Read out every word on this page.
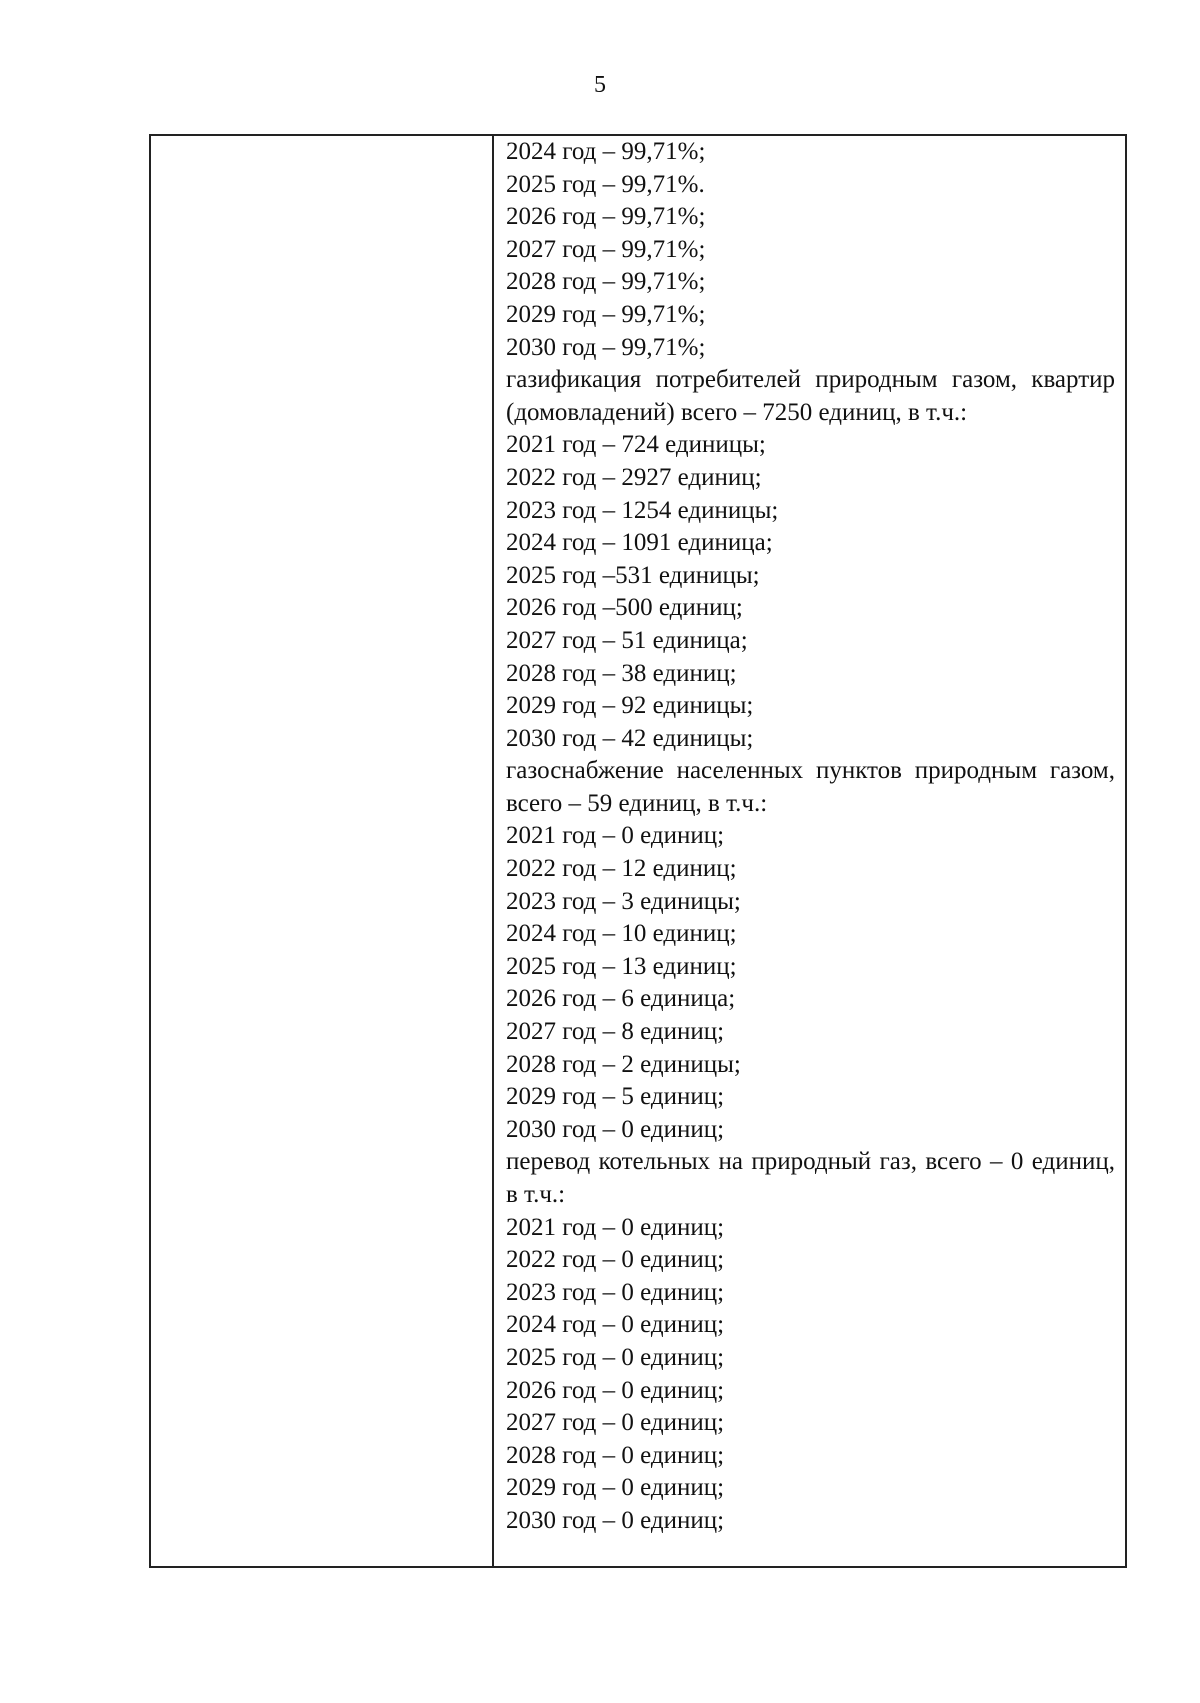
5
2024 год – 99,71%;
2025 год – 99,71%.
2026 год – 99,71%;
2027 год – 99,71%;
2028 год – 99,71%;
2029 год – 99,71%;
2030 год – 99,71%;
газификация потребителей природным газом, квартир (домовладений) всего – 7250 единиц, в т.ч.:
2021 год – 724 единицы;
2022 год – 2927 единиц;
2023 год – 1254 единицы;
2024 год – 1091 единица;
2025 год –531 единицы;
2026 год –500 единиц;
2027 год – 51 единица;
2028 год – 38 единиц;
2029 год – 92 единицы;
2030 год – 42 единицы;
газоснабжение населенных пунктов природным газом, всего – 59 единиц, в т.ч.:
2021 год – 0 единиц;
2022 год – 12 единиц;
2023 год – 3 единицы;
2024 год – 10 единиц;
2025 год – 13 единиц;
2026 год – 6 единица;
2027 год – 8 единиц;
2028 год – 2 единицы;
2029 год – 5 единиц;
2030 год – 0 единиц;
перевод котельных на природный газ, всего – 0 единиц, в т.ч.:
2021 год – 0 единиц;
2022 год – 0 единиц;
2023 год – 0 единиц;
2024 год – 0 единиц;
2025 год – 0 единиц;
2026 год – 0 единиц;
2027 год – 0 единиц;
2028 год – 0 единиц;
2029 год – 0 единиц;
2030 год – 0 единиц;
